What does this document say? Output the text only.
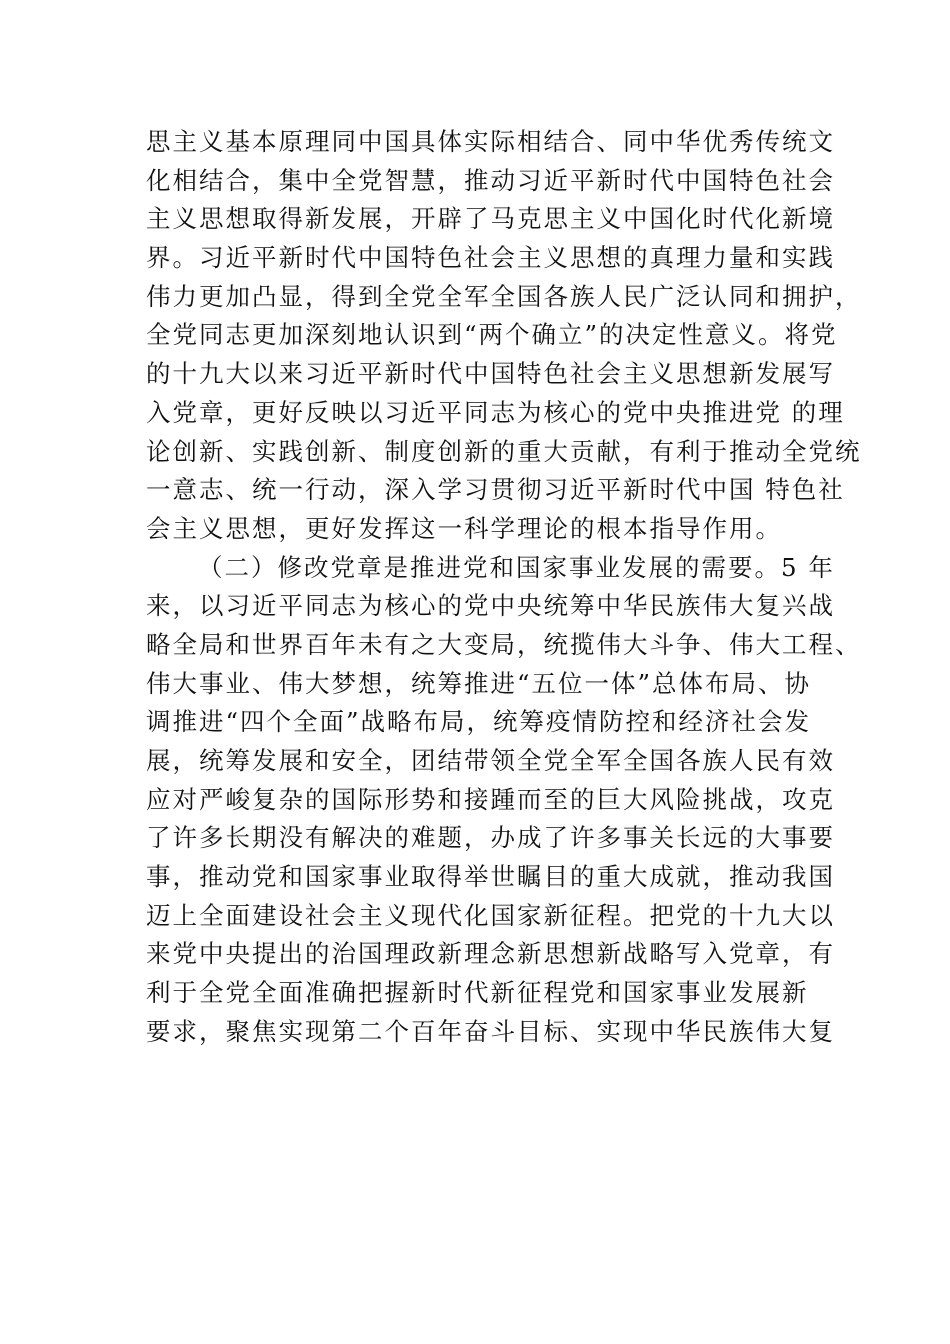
思主义基本原理同中国具体实际相结合、同中华优秀传统文
化相结合，集中全党智慧，推动习近平新时代中国特色社会
主义思想取得新发展，开辟了马克思主义中国化时代化新境
界。习近平新时代中国特色社会主义思想的真理力量和实践
伟力更加凸显，得到全党全军全国各族人民广泛认同和拥护，
全党同志更加深刻地认识到“两个确立”的决定性意义。将党
的十九大以来习近平新时代中国特色社会主义思想新发展写
入党章，更好反映以习近平同志为核心的党中央推进党 的理
论创新、实践创新、制度创新的重大贡献，有利于推动全党统
一意志、统一行动，深入学习贯彻习近平新时代中国 特色社
会主义思想，更好发挥这一科学理论的根本指导作用。
（二）修改党章是推进党和国家事业发展的需要。5 年
来，以习近平同志为核心的党中央统筹中华民族伟大复兴战
略全局和世界百年未有之大变局，统揽伟大斗争、伟大工程、
伟大事业、伟大梦想，统筹推进“五位一体”总体布局、协
调推进“四个全面”战略布局，统筹疫情防控和经济社会发
展，统筹发展和安全，团结带领全党全军全国各族人民有效
应对严峻复杂的国际形势和接踵而至的巨大风险挑战，攻克
了许多长期没有解决的难题，办成了许多事关长远的大事要
事，推动党和国家事业取得举世瞩目的重大成就，推动我国
迈上全面建设社会主义现代化国家新征程。把党的十九大以
来党中央提出的治国理政新理念新思想新战略写入党章，有
利于全党全面准确把握新时代新征程党和国家事业发展新
要求，聚焦实现第二个百年奋斗目标、实现中华民族伟大复
